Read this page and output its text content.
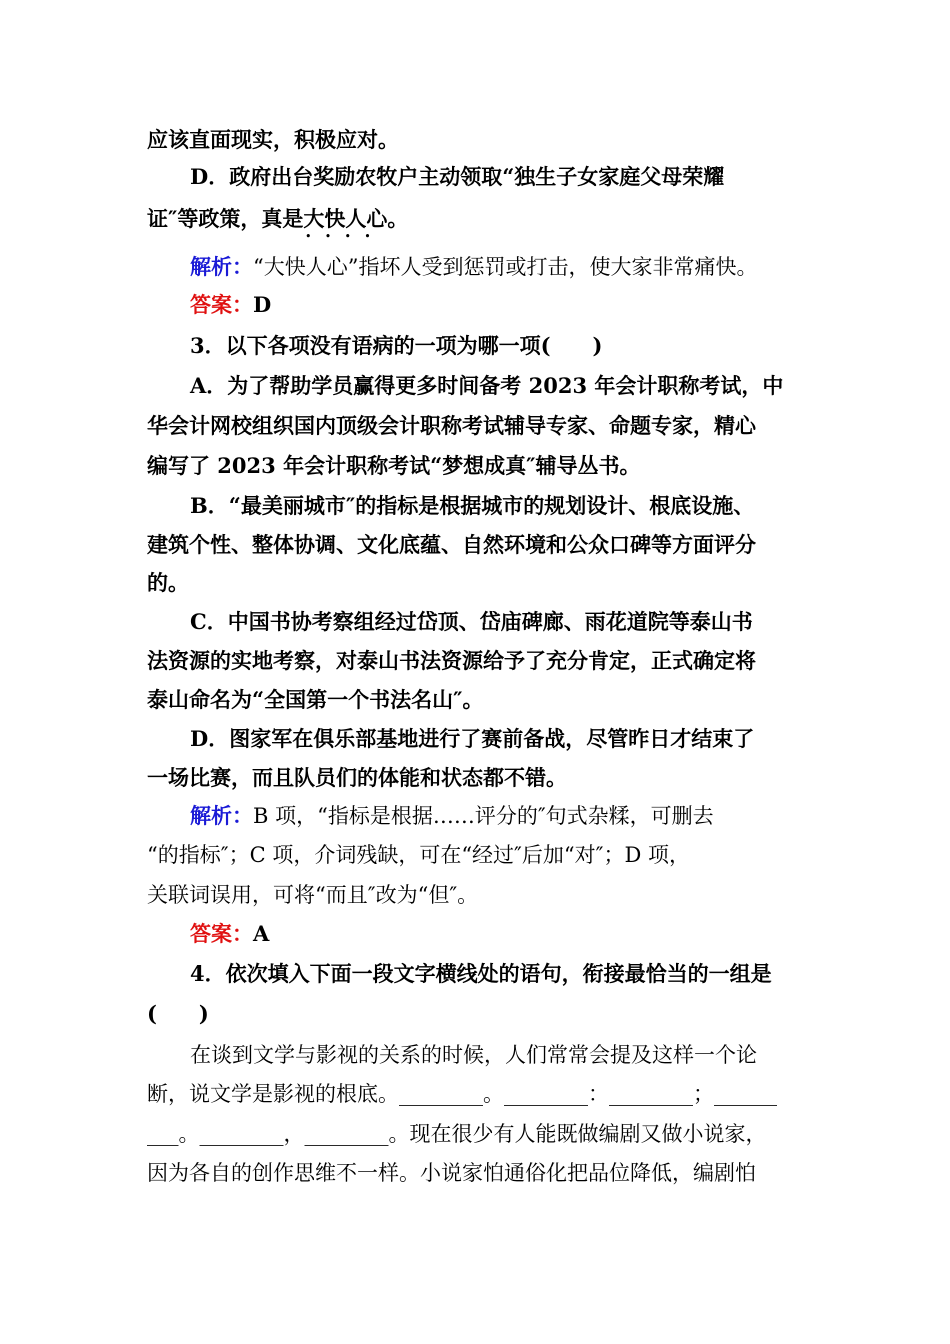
应该直面现实，积极应对。
D．政府出台奖励农牧户主动领取“独生子女家庭父母荣耀
证″等政策，真是大快人心
••••
。
解析：“大快人心”指坏人受到惩罚或打击，使大家非常痛快。
答案：D
3．以下各项没有语病的一项为哪一项(　　)
A．为了帮助学员赢得更多时间备考 2023 年会计职称考试，中
华会计网校组织国内顶级会计职称考试辅导专家、命题专家，精心
编写了 2023 年会计职称考试“梦想成真″辅导丛书。
B．“最美丽城市″的指标是根据城市的规划设计、根底设施、
建筑个性、整体协调、文化底蕴、自然环境和公众口碑等方面评分
的。
C．中国书协考察组经过岱顶、岱庙碑廊、雨花道院等泰山书
法资源的实地考察，对泰山书法资源给予了充分肯定，正式确定将
泰山命名为“全国第一个书法名山″。
D．图家军在俱乐部基地进行了赛前备战，尽管昨日才结束了
一场比赛，而且队员们的体能和状态都不错。
解析：B 项，“指标是根据……评分的″句式杂糅，可删去
“的指标″；C 项，介词残缺，可在“经过″后加“对″；D 项，
关联词误用，可将“而且″改为“但″。
答案：A
4．依次填入下面一段文字横线处的语句，衔接最恰当的一组是
(　　)
在谈到文学与影视的关系的时候，人们常常会提及这样一个论
断，说文学是影视的根底。________。________：________；______
___。________，________。现在很少有人能既做编剧又做小说家，
因为各自的创作思维不一样。小说家怕通俗化把品位降低，编剧怕
